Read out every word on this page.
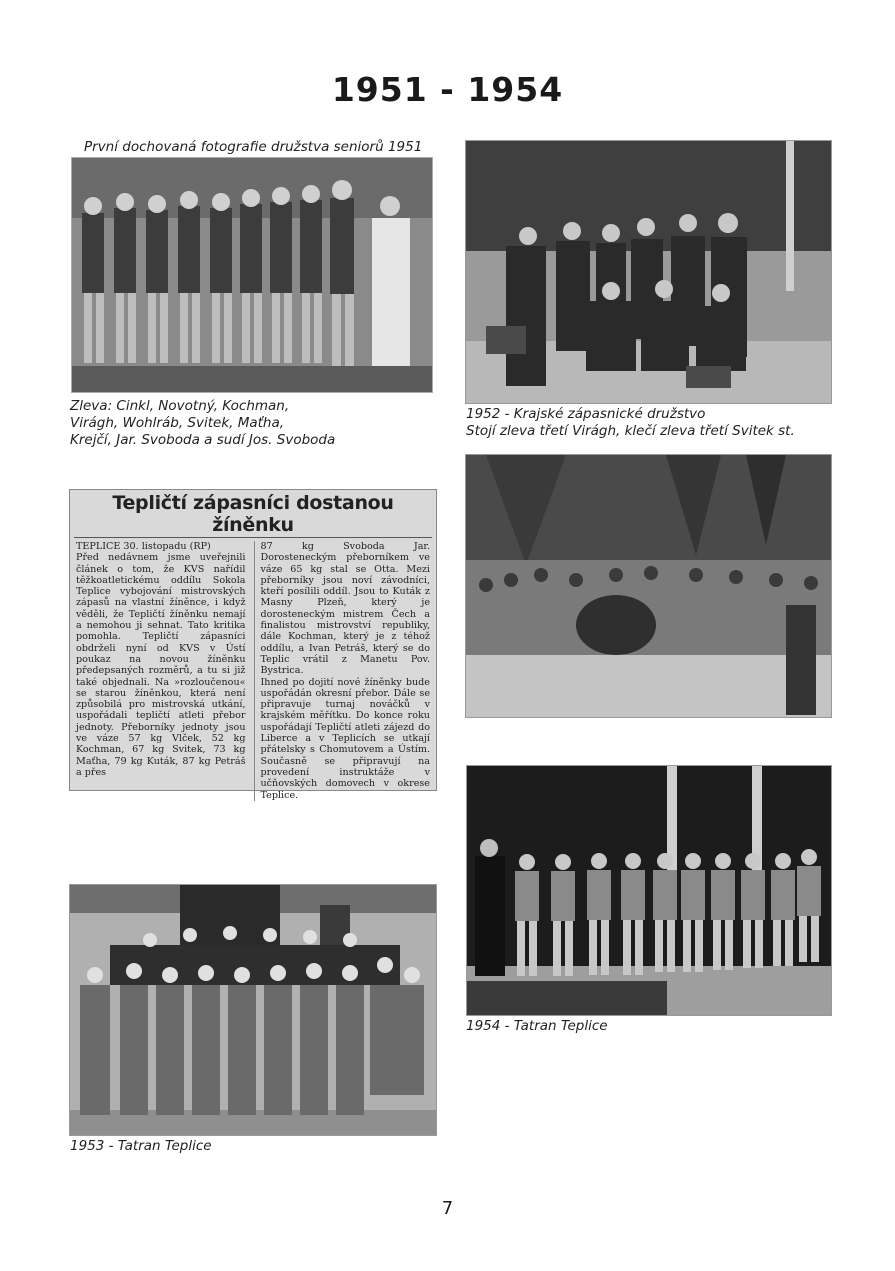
1951 - 1954
První dochovaná fotografie družstva seniorů 1951
Zleva: Cinkl, Novotný, Kochman,
Virágh, Wohlráb, Svitek, Maťha,
Krejčí, Jar. Svoboda a sudí Jos. Svoboda
1952 - Krajské zápasnické družstvo
Stojí zleva třetí Virágh, klečí zleva třetí Svitek st.
Tepličtí zápasníci dostanou žíněnku
TEPLICE 30. listopadu (RP)
Před nedávnem jsme uveřejnili článek o tom, že KVS nařídil těžkoatletickému oddílu Sokola Teplice vybojování mistrovských zápasů na vlastní žíněnce, i když věděli, že Tepličtí žíněnku nemají a nemohou ji sehnat. Tato kritika pomohla. Tepličtí zápasníci obdrželi nyní od KVS v Ústí poukaz na novou žíněnku předepsaných rozměrů, a tu si již také objednali. Na »rozloučenou« se starou žíněnkou, která není způsobilá pro mistrovská utkání, uspořádali tepličtí atleti přebor jednoty. Přeborníky jednoty jsou ve váze 57 kg Vlček, 52 kg Kochman, 67 kg Svitek, 73 kg Maťha, 79 kg Kuták, 87 kg Petráš a přes
87 kg Svoboda Jar. Dorosteneckým přeborníkem ve váze 65 kg stal se Otta. Mezi přeborníky jsou noví závodníci, kteří posílili oddíl. Jsou to Kuták z Masny Plzeň, který je dorosteneckým mistrem Čech a finalistou mistrovství republiky, dále Kochman, který je z téhož oddílu, a Ivan Petráš, který se do Teplic vrátil z Manetu Pov. Bystrica.
Ihned po dojití nové žíněnky bude uspořádán okresní přebor. Dále se připravuje turnaj nováčků v krajském měřítku. Do konce roku uspořádají Tepličtí atleti zájezd do Liberce a v Teplicích se utkají přátelsky s Chomutovem a Ústím. Současně se připravují na provedení instruktáže v učňovských domovech v okrese Teplice.
1953 - Tatran Teplice
1954 - Tatran Teplice
7
